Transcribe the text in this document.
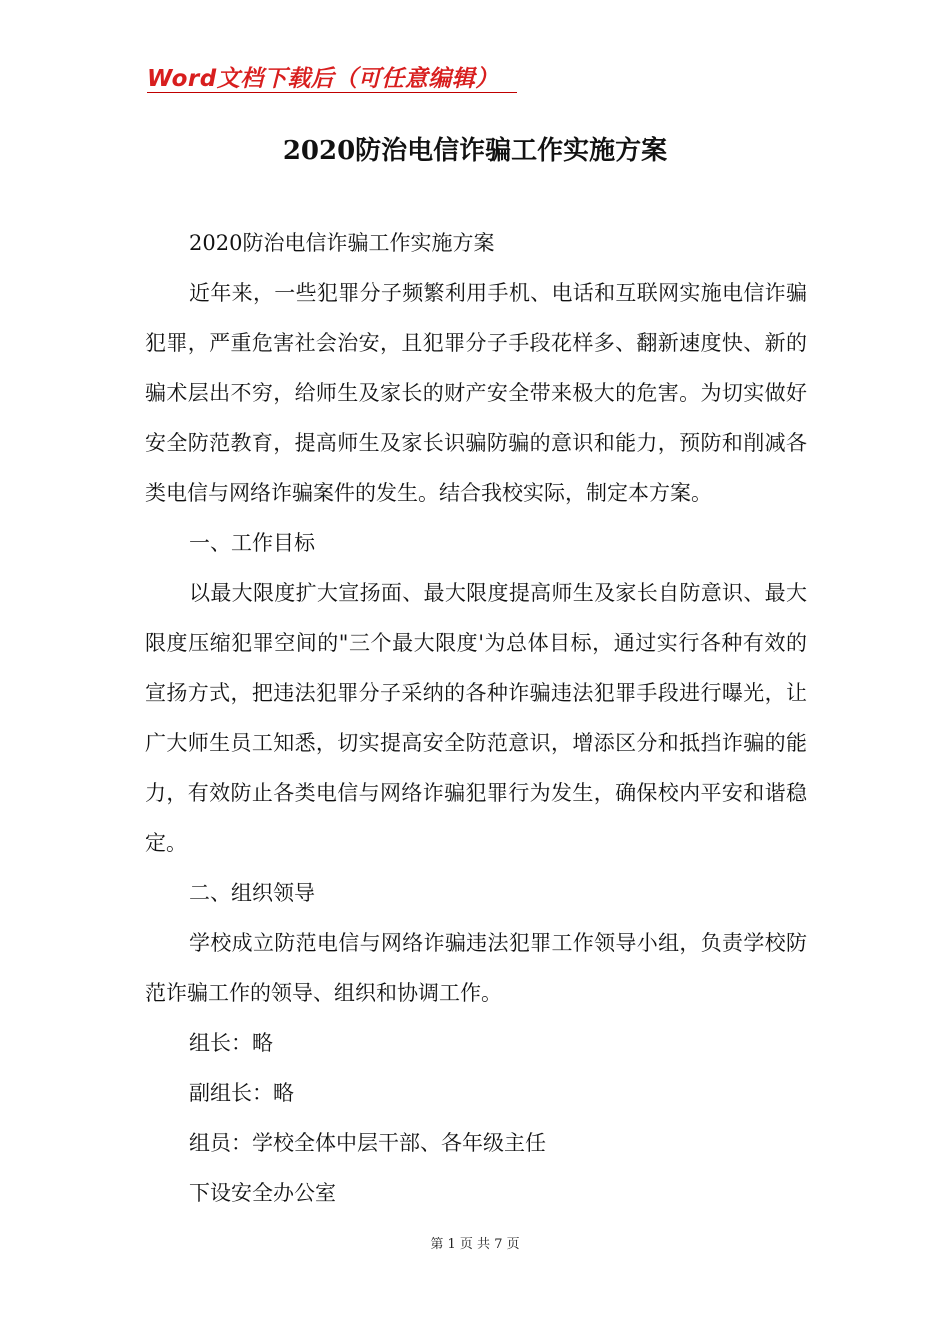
Word文档下载后（可任意编辑）
2020防治电信诈骗工作实施方案

2020防治电信诈骗工作实施方案

近年来，一些犯罪分子频繁利用手机、电话和互联网实施电信诈骗犯罪，严重危害社会治安，且犯罪分子手段花样多、翻新速度快、新的骗术层出不穷，给师生及家长的财产安全带来极大的危害。为切实做好安全防范教育，提高师生及家长识骗防骗的意识和能力，预防和削减各类电信与网络诈骗案件的发生。结合我校实际，制定本方案。

一、工作目标

以最大限度扩大宣扬面、最大限度提高师生及家长自防意识、最大限度压缩犯罪空间的"三个最大限度'为总体目标，通过实行各种有效的宣扬方式，把违法犯罪分子采纳的各种诈骗违法犯罪手段进行曝光，让广大师生员工知悉，切实提高安全防范意识，增添区分和抵挡诈骗的能力，有效防止各类电信与网络诈骗犯罪行为发生，确保校内平安和谐稳定。

二、组织领导

学校成立防范电信与网络诈骗违法犯罪工作领导小组，负责学校防范诈骗工作的领导、组织和协调工作。

组长：略

副组长：略

组员：学校全体中层干部、各年级主任

下设安全办公室

第 1 页 共 7 页
